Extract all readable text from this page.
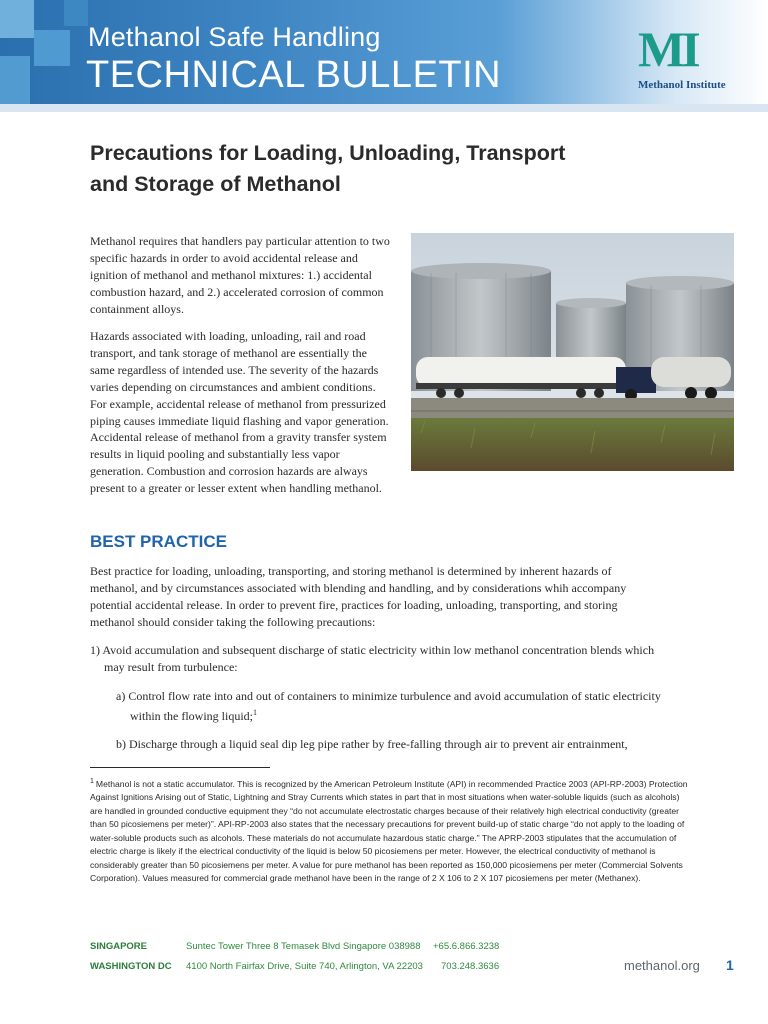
Methanol Safe Handling
TECHNICAL BULLETIN	MI
Methanol Institute
Precautions for Loading, Unloading, Transport
and Storage of Methanol

Methanol requires that handlers pay particular attention to two specific hazards in order to avoid accidental release and ignition of methanol and methanol mixtures: 1.) accidental combustion hazard, and 2.) accelerated corrosion of common containment alloys.

Hazards associated with loading, unloading, rail and road transport, and tank storage of methanol are essentially the same regardless of intended use. The severity of the hazards varies depending on circumstances and ambient conditions. For example, accidental release of methanol from pressurized piping causes immediate liquid flashing and vapor generation. Accidental release of methanol from a gravity transfer system results in liquid pooling and substantially less vapor generation. Combustion and corrosion hazards are always present to a greater or lesser extent when handling methanol.

BEST PRACTICE

Best practice for loading, unloading, transporting, and storing methanol is determined by inherent hazards of methanol, and by circumstances associated with blending and handling, and by considerations whih accompany potential accidental release. In order to prevent fire, practices for loading, unloading, transporting, and storing methanol should consider taking the following precautions:

1) Avoid accumulation and subsequent discharge of static electricity within low methanol concentration blends which may result from turbulence:

a) Control flow rate into and out of containers to minimize turbulence and avoid accumulation of static electricity within the flowing liquid;$^1$

b) Discharge through a liquid seal dip leg pipe rather by free-falling through air to prevent air entrainment,

$^1$ Methanol is not a static accumulator. This is recognized by the American Petroleum Institute (API) in recommended Practice 2003 (API-RP-2003) Protection Against Ignitions Arising out of Static, Lightning and Stray Currents which states in part that in most situations when water-soluble liquids (such as alcohols) are handled in grounded conductive equipment they “do not accumulate electrostatic charges because of their relatively high electrical conductivity (greater than 50 picosiemens per meter)”. API-RP-2003 also states that the necessary precautions for prevent build-up of static charge “do not apply to the loading of water-soluble products such as alcohols. These materials do not accumulate hazardous static charge.” The APRP-2003 stipulates that the accumulation of electric charge is likely if the electrical conductivity of the liquid is below 50 picosiemens per meter. However, the electrical conductivity of methanol is considerably greater than 50 picosiemens per meter. A value for pure methanol has been reported as 150,000 picosiemens per meter (Commercial Solvents Corporation). Values measured for commercial grade methanol have been in the range of 2 X 106 to 2 X 107 picosiemens per meter (Methanex).
SINGAPORE	Suntec Tower Three 8 Temasek Blvd Singapore 038988 +65.6.866.3238
WASHINGTON DC 4100 North Fairfax Drive, Suite 740, Arlington, VA 22203 703.248.3636	methanol.org 1
